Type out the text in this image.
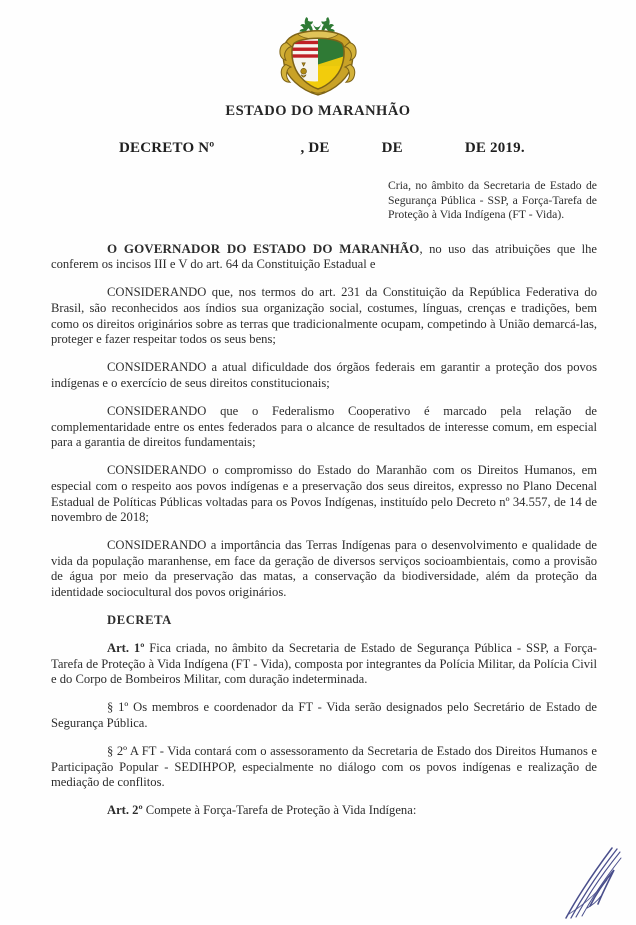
ESTADO DO MARANHÃO
DECRETO Nº	, DE	DE	DE 2019.
Cria, no âmbito da Secretaria de Estado de Segurança Pública - SSP, a Força-Tarefa de Proteção à Vida Indígena (FT - Vida).

O GOVERNADOR DO ESTADO DO MARANHÃO, no uso das atribuições que lhe conferem os incisos III e V do art. 64 da Constituição Estadual e

CONSIDERANDO que, nos termos do art. 231 da Constituição da República Federativa do Brasil, são reconhecidos aos índios sua organização social, costumes, línguas, crenças e tradições, bem como os direitos originários sobre as terras que tradicionalmente ocupam, competindo à União demarcá-las, proteger e fazer respeitar todos os seus bens;

CONSIDERANDO a atual dificuldade dos órgãos federais em garantir a proteção dos povos indígenas e o exercício de seus direitos constitucionais;

CONSIDERANDO que o Federalismo Cooperativo é marcado pela relação de complementaridade entre os entes federados para o alcance de resultados de interesse comum, em especial para a garantia de direitos fundamentais;

CONSIDERANDO o compromisso do Estado do Maranhão com os Direitos Humanos, em especial com o respeito aos povos indígenas e a preservação dos seus direitos, expresso no Plano Decenal Estadual de Políticas Públicas voltadas para os Povos Indígenas, instituído pelo Decreto nº 34.557, de 14 de novembro de 2018;

CONSIDERANDO a importância das Terras Indígenas para o desenvolvimento e qualidade de vida da população maranhense, em face da geração de diversos serviços socioambientais, como a provisão de água por meio da preservação das matas, a conservação da biodiversidade, além da proteção da identidade sociocultural dos povos originários.

DECRETA

Art. 1º Fica criada, no âmbito da Secretaria de Estado de Segurança Pública - SSP, a Força-Tarefa de Proteção à Vida Indígena (FT - Vida), composta por integrantes da Polícia Militar, da Polícia Civil e do Corpo de Bombeiros Militar, com duração indeterminada.

§ 1º Os membros e coordenador da FT - Vida serão designados pelo Secretário de Estado de Segurança Pública.

§ 2º A FT - Vida contará com o assessoramento da Secretaria de Estado dos Direitos Humanos e Participação Popular - SEDIHPOP, especialmente no diálogo com os povos indígenas e realização de mediação de conflitos.

Art. 2º Compete à Força-Tarefa de Proteção à Vida Indígena:
